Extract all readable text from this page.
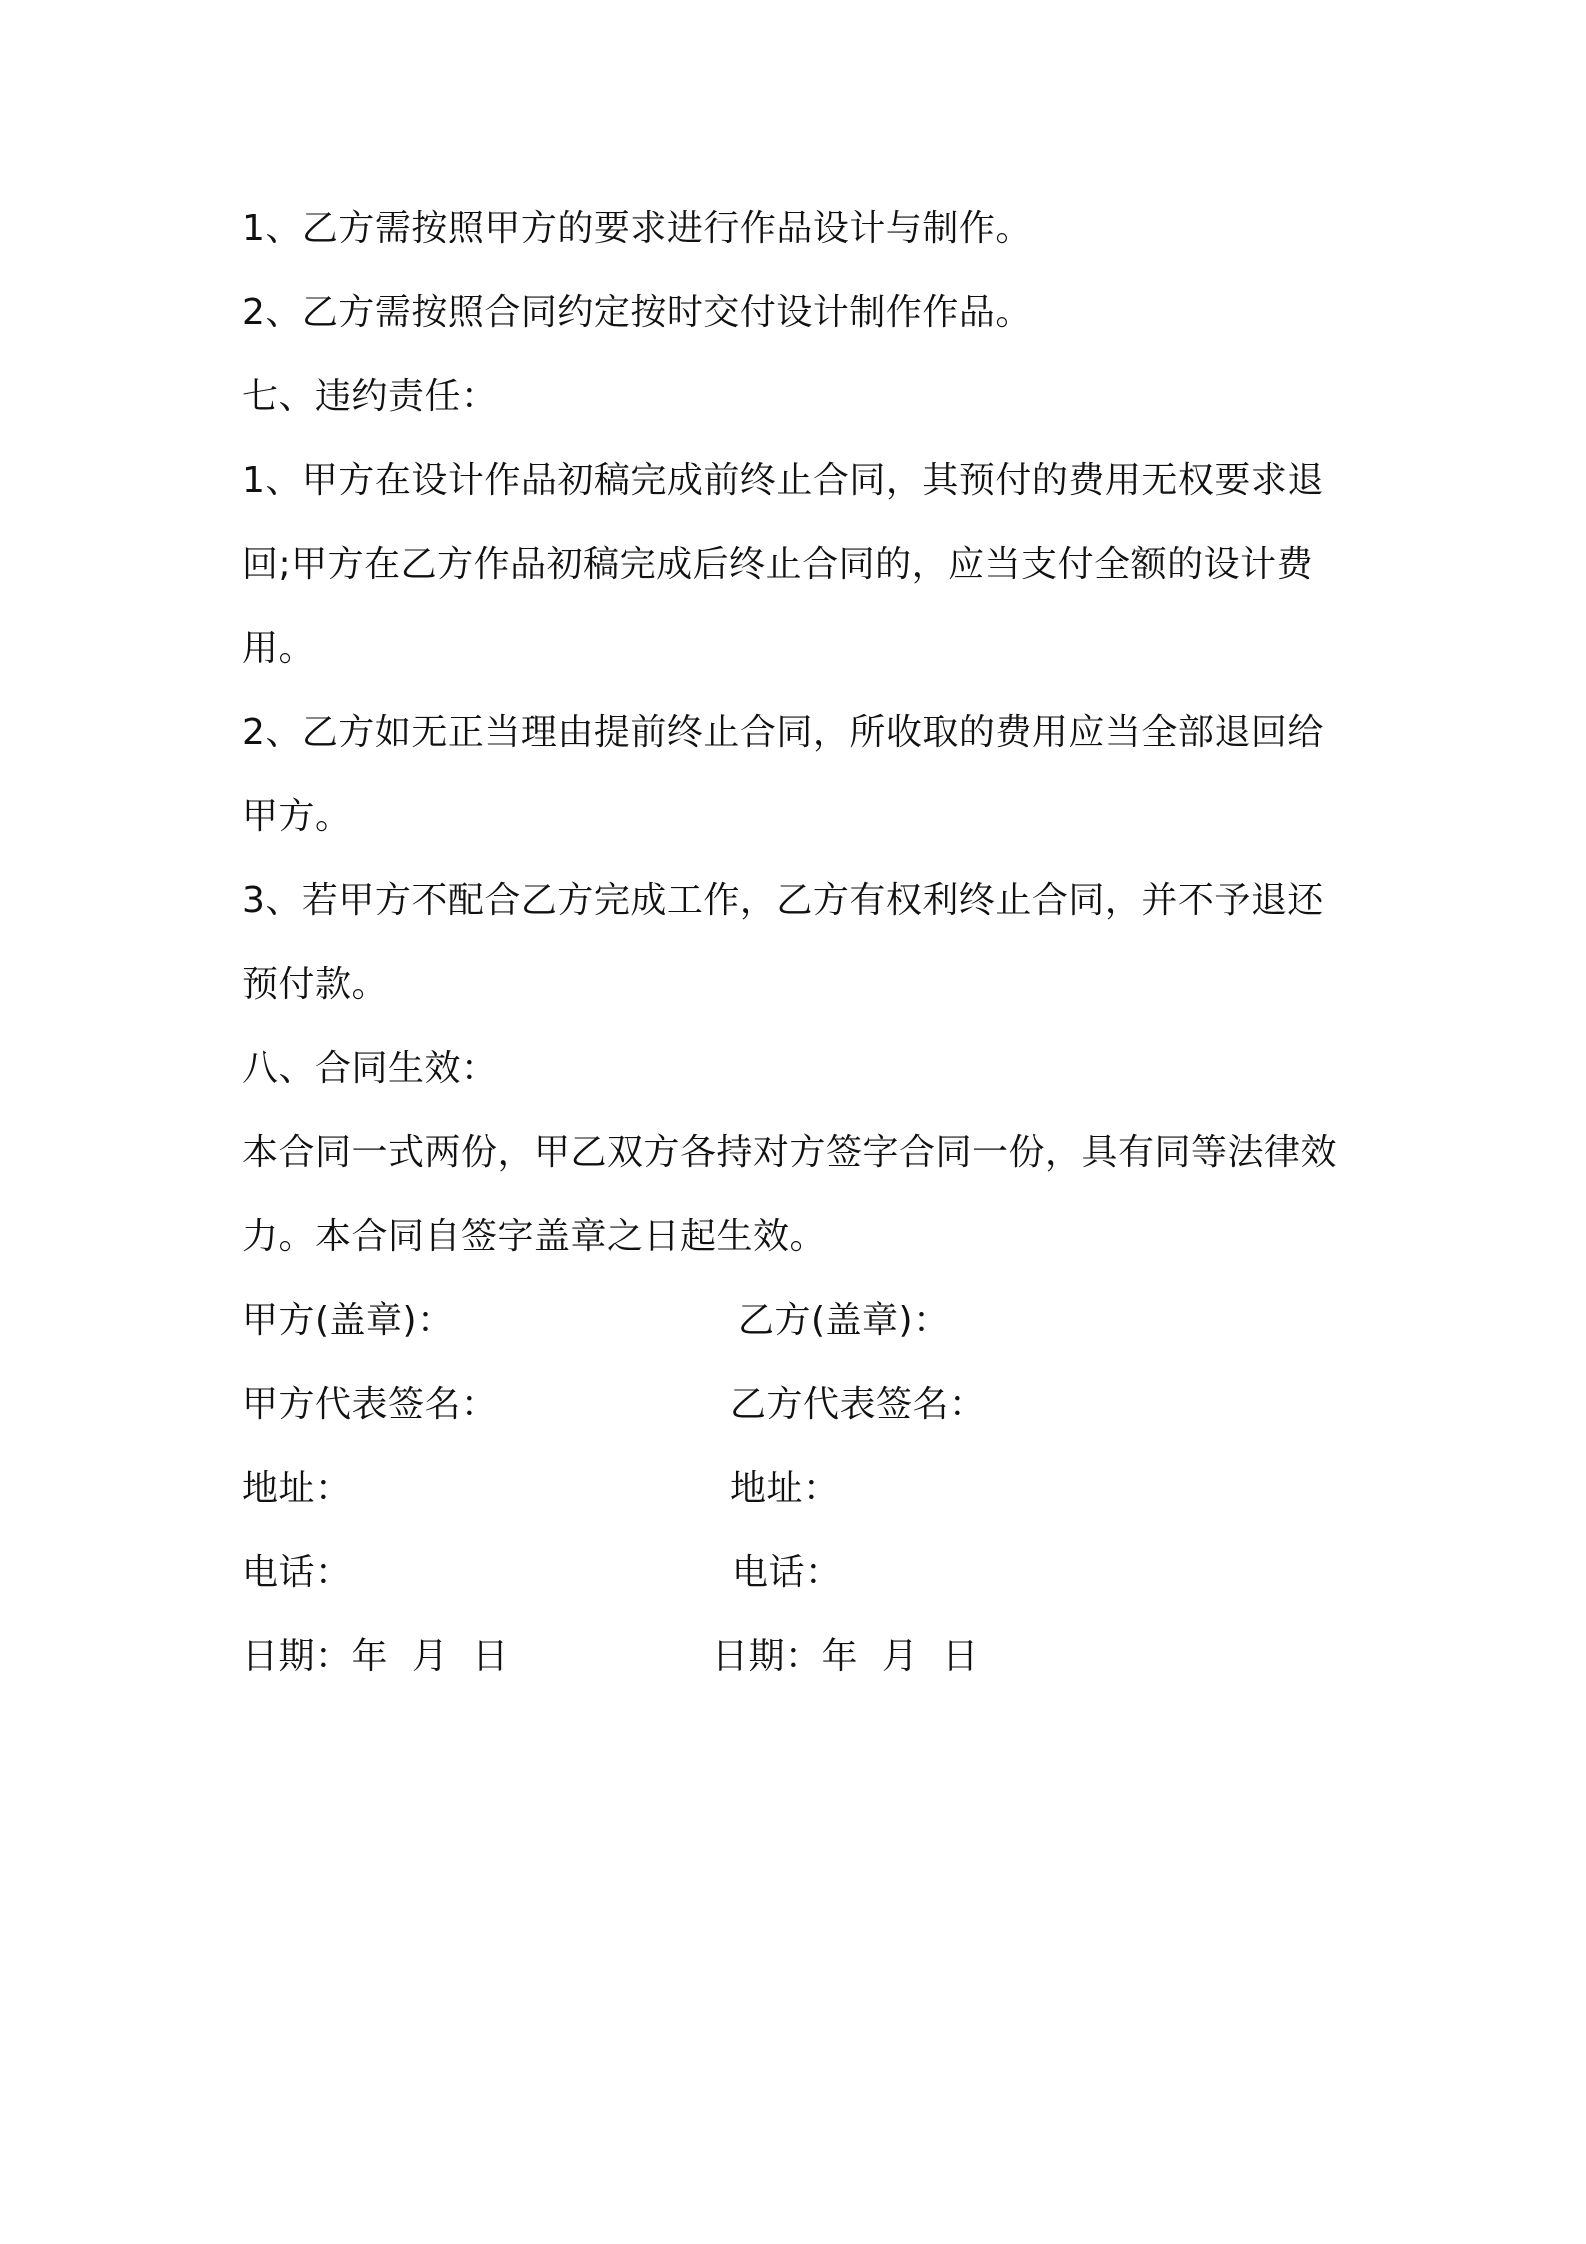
1、乙方需按照甲方的要求进行作品设计与制作。
2、乙方需按照合同约定按时交付设计制作作品。
七、违约责任：
1、甲方在设计作品初稿完成前终止合同，其预付的费用无权要求退
回;甲方在乙方作品初稿完成后终止合同的，应当支付全额的设计费
用。
2、乙方如无正当理由提前终止合同，所收取的费用应当全部退回给
甲方。
3、若甲方不配合乙方完成工作，乙方有权利终止合同，并不予退还
预付款。
八、合同生效：
本合同一式两份，甲乙双方各持对方签字合同一份，具有同等法律效
力。本合同自签字盖章之日起生效。
甲方(盖章)：	乙方(盖章)：
甲方代表签名：	乙方代表签名：
地址：	地址：
电话：	电话：
日期：年  月  日	日期：年  月  日
